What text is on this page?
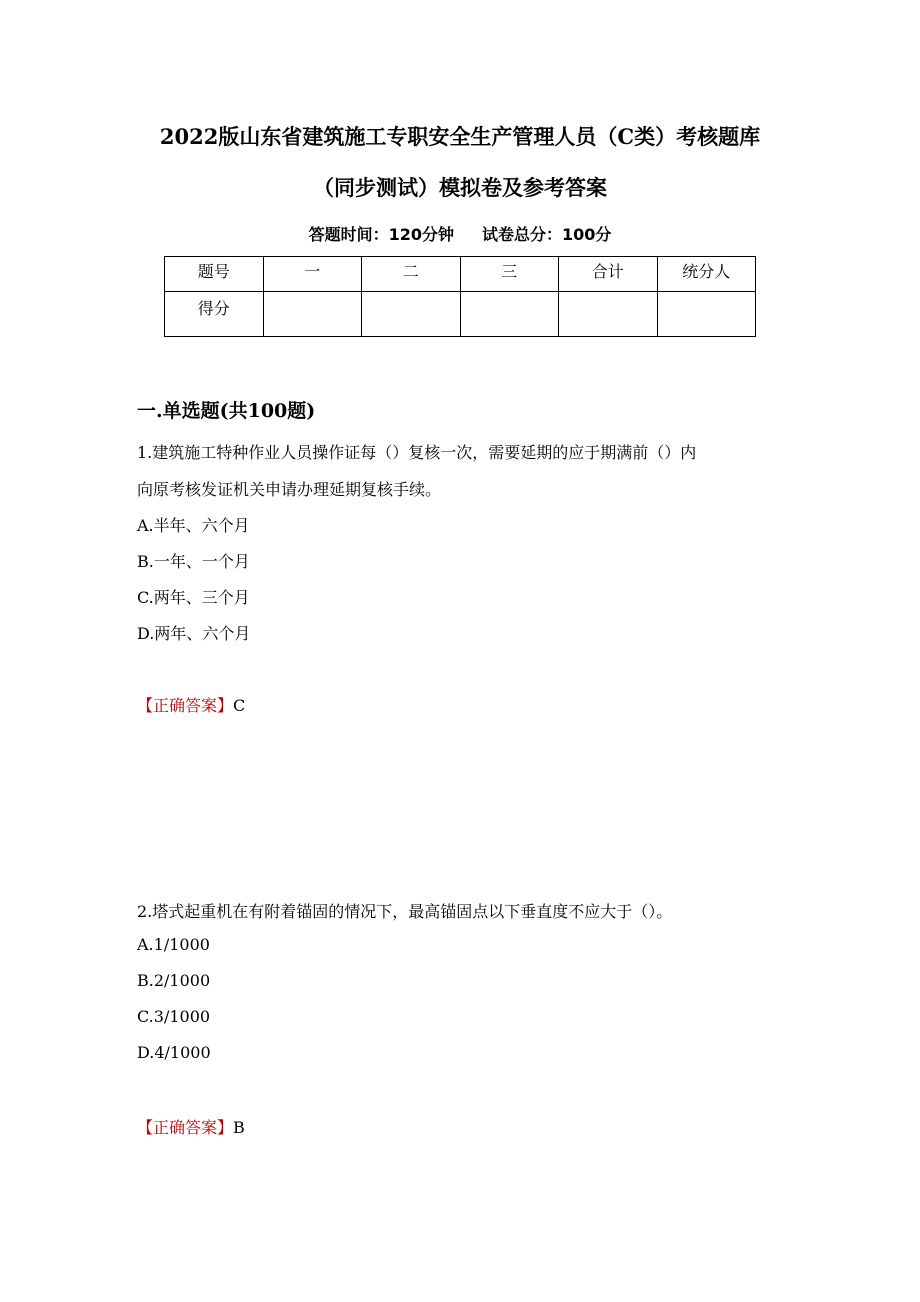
2022版山东省建筑施工专职安全生产管理人员（C类）考核题库
（同步测试）模拟卷及参考答案
答题时间：120分钟 试卷总分：100分
题号	一	二	三	合计	统分人
得分					
一.单选题(共100题)
1.建筑施工特种作业人员操作证每（）复核一次，需要延期的应于期满前（）内
向原考核发证机关申请办理延期复核手续。
A.半年、六个月
B.一年、一个月
C.两年、三个月
D.两年、六个月
【正确答案】C
2.塔式起重机在有附着锚固的情况下，最高锚固点以下垂直度不应大于（）。
A.1/1000
B.2/1000
C.3/1000
D.4/1000
【正确答案】B
